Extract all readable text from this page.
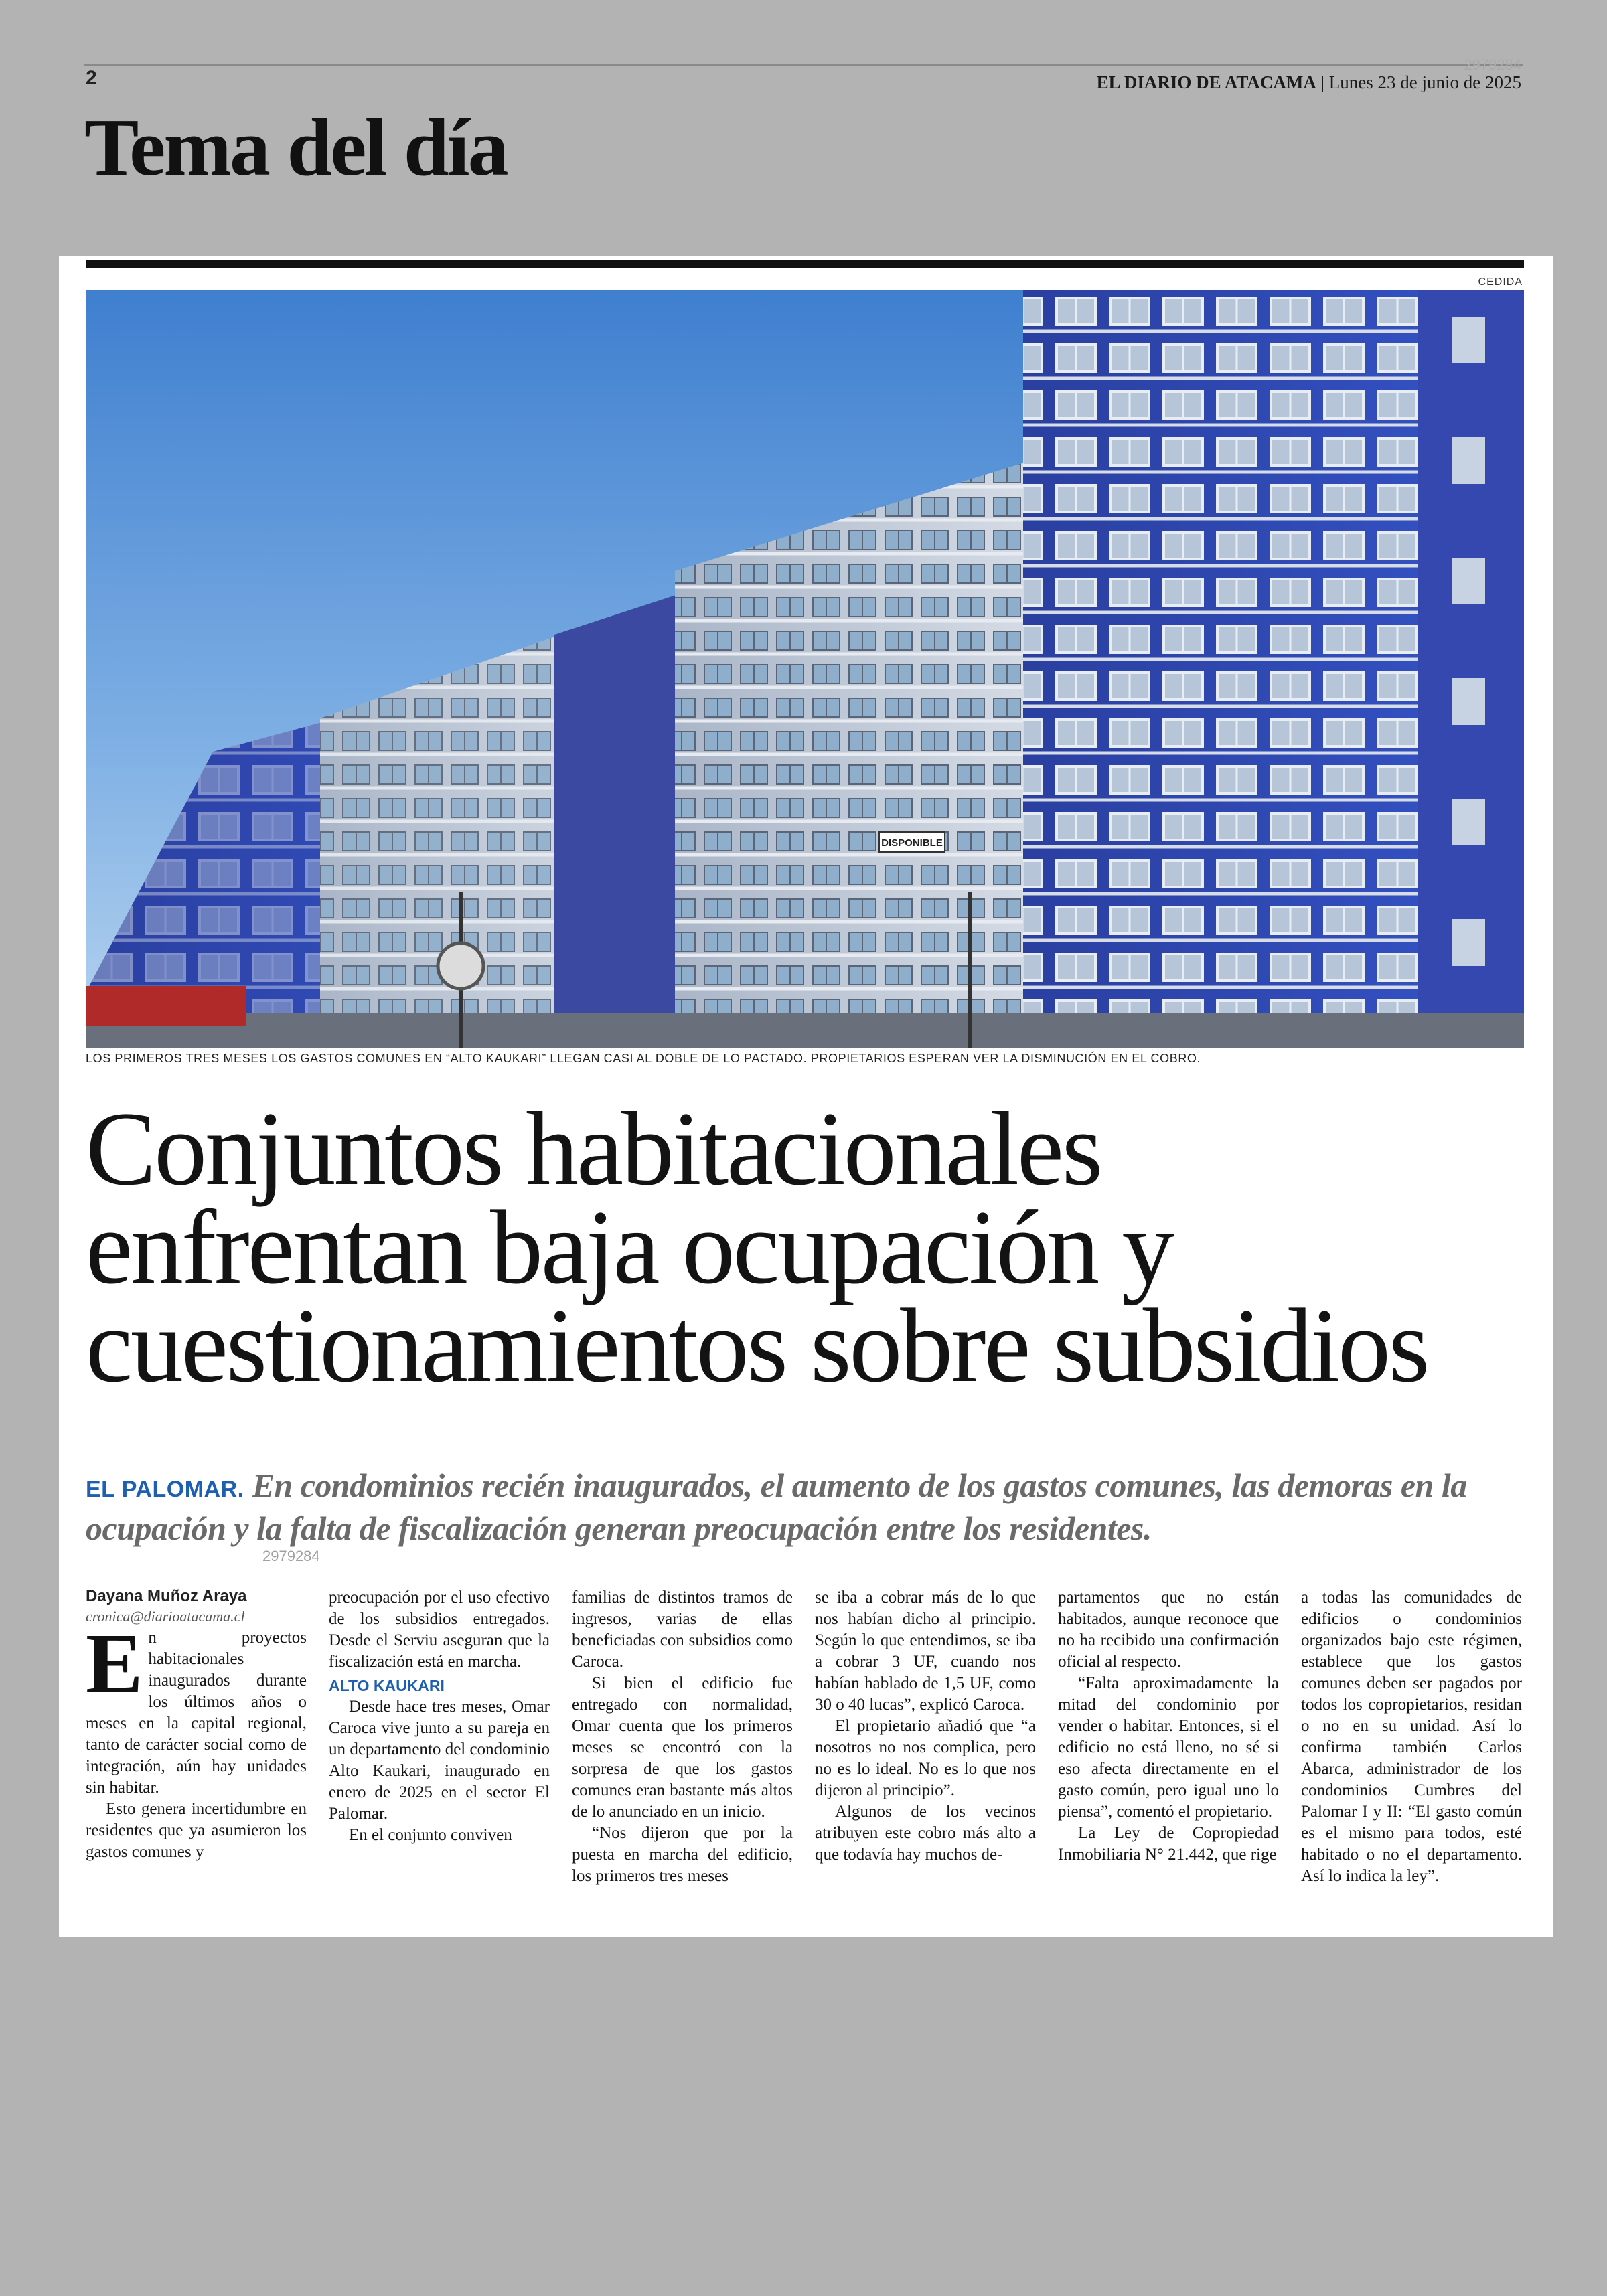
2
2979284
EL DIARIO DE ATACAMA | Lunes 23 de junio de 2025
Tema del día
CEDIDA
DISPONIBLE
LOS PRIMEROS TRES MESES LOS GASTOS COMUNES EN “ALTO KAUKARI” LLEGAN CASI AL DOBLE DE LO PACTADO. PROPIETARIOS ESPERAN VER LA DISMINUCIÓN EN EL COBRO.
Conjuntos habitacionales
enfrentan baja ocupación y
cuestionamientos sobre subsidios
EL PALOMAR. En condominios recién inaugurados, el aumento de los gastos comunes, las demoras en la ocupación y la falta de fiscalización generan preocupación entre los residentes.

Dayana Muñoz Araya

cronica@diarioatacama.cl

En proyectos habitacionales inaugurados durante los últimos años o meses en la capital regional, tanto de carácter social como de integración, aún hay unidades sin habitar.

Esto genera incertidumbre en residentes que ya asumieron los gastos comunes y

preocupación por el uso efectivo de los subsidios entregados. Desde el Serviu aseguran que la fiscalización está en marcha.

ALTO KAUKARI

Desde hace tres meses, Omar Caroca vive junto a su pareja en un departamento del condominio Alto Kaukari, inaugurado en enero de 2025 en el sector El Palomar.

En el conjunto conviven

familias de distintos tramos de ingresos, varias de ellas beneficiadas con subsidios como Caroca.

Si bien el edificio fue entregado con normalidad, Omar cuenta que los primeros meses se encontró con la sorpresa de que los gastos comunes eran bastante más altos de lo anunciado en un inicio.

“Nos dijeron que por la puesta en marcha del edificio, los primeros tres meses

se iba a cobrar más de lo que nos habían dicho al principio. Según lo que entendimos, se iba a cobrar 3 UF, cuando nos habían hablado de 1,5 UF, como 30 o 40 lucas”, explicó Caroca.

El propietario añadió que “a nosotros no nos complica, pero no es lo ideal. No es lo que nos dijeron al principio”.

Algunos de los vecinos atribuyen este cobro más alto a que todavía hay muchos de-

partamentos que no están habitados, aunque reconoce que no ha recibido una confirmación oficial al respecto.

“Falta aproximadamente la mitad del condominio por vender o habitar. Entonces, si el edificio no está lleno, no sé si eso afecta directamente en el gasto común, pero igual uno lo piensa”, comentó el propietario.

La Ley de Copropiedad Inmobiliaria N° 21.442, que rige

a todas las comunidades de edificios o condominios organizados bajo este régimen, establece que los gastos comunes deben ser pagados por todos los copropietarios, residan o no en su unidad. Así lo confirma también Carlos Abarca, administrador de los condominios Cumbres del Palomar I y II: “El gasto común es el mismo para todos, esté habitado o no el departamento. Así lo indica la ley”.

2979284
